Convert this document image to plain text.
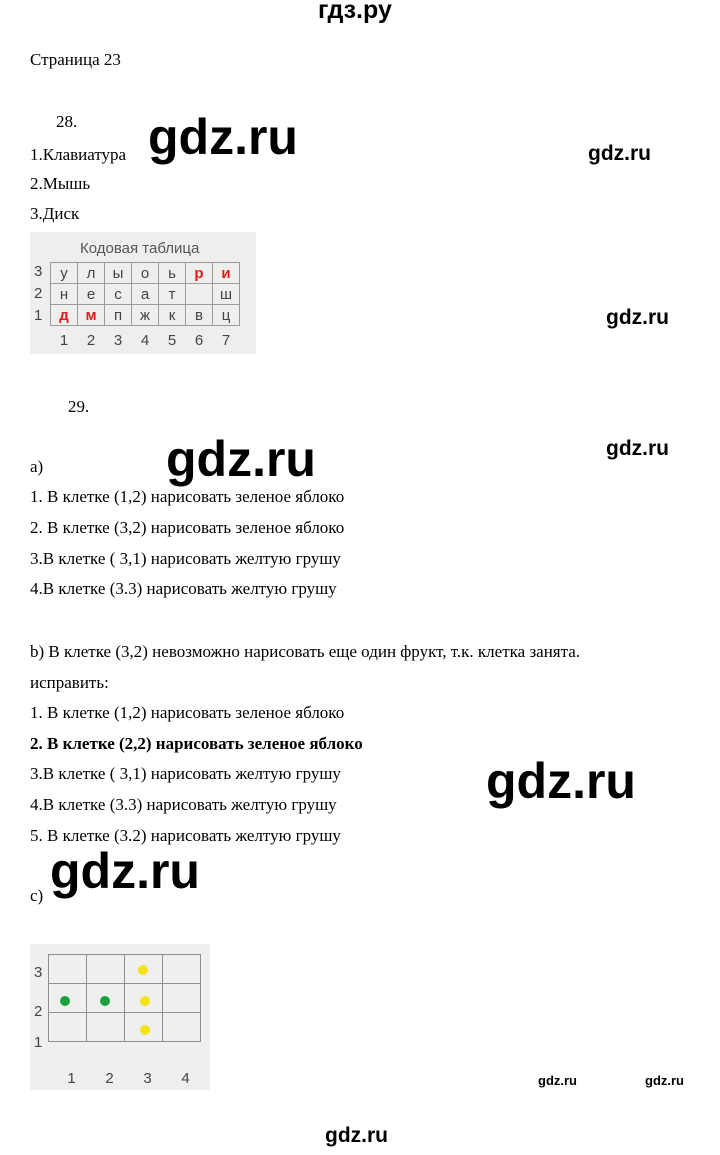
гдз.ру
Страница 23
28.
1.Клавиатура
2.Мышь
3.Диск
gdz.ru	gdz.ru
Кодовая таблица
3
2
1
у	л	ы	о	ь	р	и
н	е	с	а	т		ш
д	м	п	ж	к	в	ц
1	2	3	4	5	6	7
gdz.ru
29.
gdz.ru	gdz.ru
a)
1. В клетке (1,2) нарисовать зеленое яблоко
2. В клетке (3,2) нарисовать зеленое яблоко
3.В клетке ( 3,1) нарисовать желтую грушу
4.В клетке (3.3) нарисовать желтую грушу
b) В клетке (3,2) невозможно нарисовать еще один фрукт, т.к. клетка занята.
исправить:
1. В клетке (1,2) нарисовать зеленое яблоко
2. В клетке (2,2) нарисовать зеленое яблоко
3.В клетке ( 3,1) нарисовать желтую грушу
4.В клетке (3.3) нарисовать желтую грушу
5. В клетке (3.2) нарисовать желтую грушу
gdz.ru
gdz.ru
c)
3
2
1

1	2	3	4	gdz.ru	gdz.ru
gdz.ru
